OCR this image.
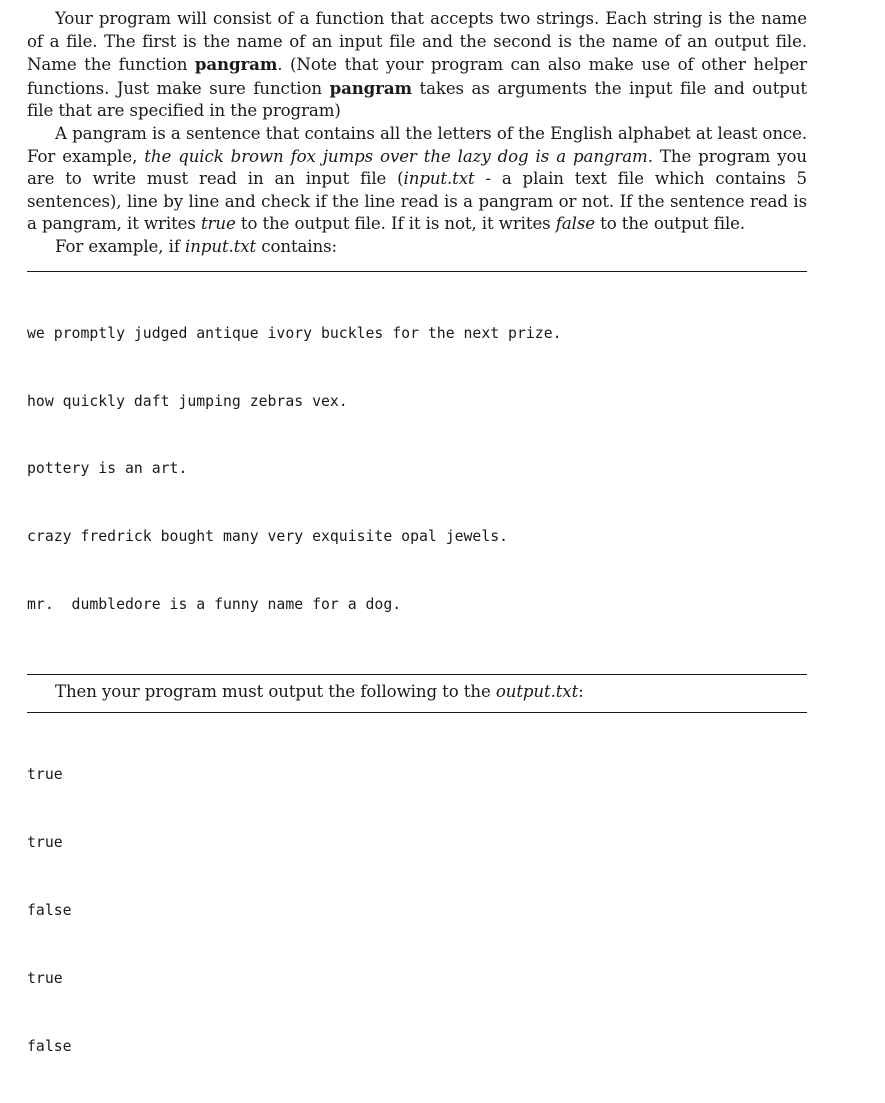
Your program will consist of a function that accepts two strings. Each string is the name of a file. The first is the name of an input file and the second is the name of an output file. Name the function pangram. (Note that your program can also make use of other helper functions. Just make sure function pangram takes as arguments the input file and output file that are specified in the program)

A pangram is a sentence that contains all the letters of the English alphabet at least once. For example, the quick brown fox jumps over the lazy dog is a pangram. The program you are to write must read in an input file (input.txt - a plain text file which contains 5 sentences), line by line and check if the line read is a pangram or not. If the sentence read is a pangram, it writes true to the output file. If it is not, it writes false to the output file.

For example, if input.txt contains:

we promptly judged antique ivory buckles for the next prize.

how quickly daft jumping zebras vex.

pottery is an art.

crazy fredrick bought many very exquisite opal jewels.

mr.  dumbledore is a funny name for a dog.

Then your program must output the following to the output.txt:

true

true

false

true

false
